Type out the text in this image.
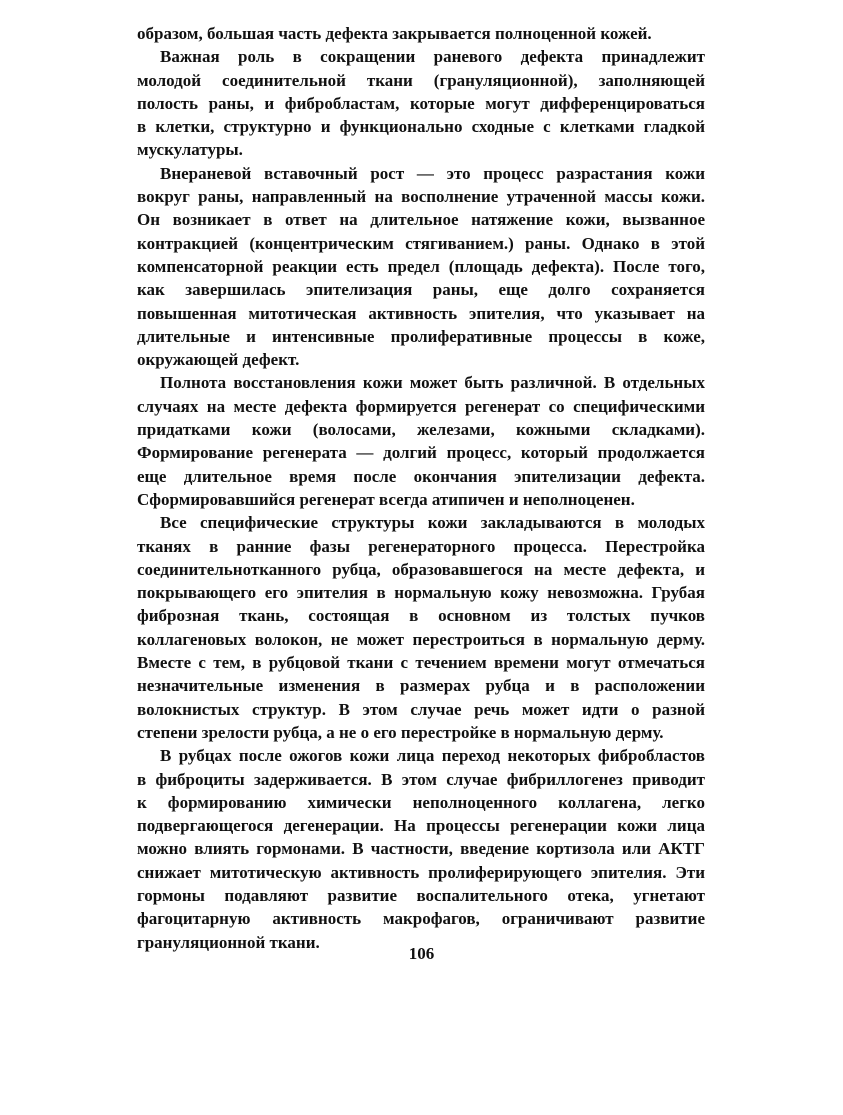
образом, большая часть дефекта закрывается полноценной кожей.
Важная роль в сокращении раневого дефекта принадлежит
молодой соединительной ткани (грануляционной), заполняющей
полость раны, и фибробластам, которые могут дифференцироваться
в клетки, структурно и функционально сходные с клетками гладкой
мускулатуры.
Внераневой вставочный рост — это процесс разрастания кожи
вокруг раны, направленный на восполнение утраченной массы кожи.
Он возникает в ответ на длительное натяжение кожи, вызванное
контракцией (концентрическим стягиванием.) раны. Однако в этой
компенсаторной реакции есть предел (площадь дефекта). После того,
как завершилась эпителизация раны, еще долго сохраняется
повышенная митотическая активность эпителия, что указывает на
длительные и интенсивные пролиферативные процессы в коже,
окружающей дефект.
Полнота восстановления кожи может быть различной. В отдельных
случаях на месте дефекта формируется регенерат со специфическими
придатками кожи (волосами, железами, кожными складками).
Формирование регенерата — долгий процесс, который продолжается
еще длительное время после окончания эпителизации дефекта.
Сформировавшийся регенерат всегда атипичен и неполноценен.
Все специфические структуры кожи закладываются в молодых
тканях в ранние фазы регенераторного процесса. Перестройка
соединительнотканного рубца, образовавшегося на месте дефекта, и
покрывающего его эпителия в нормальную кожу невозможна. Грубая
фиброзная ткань, состоящая в основном из толстых пучков
коллагеновых волокон, не может перестроиться в нормальную дерму.
Вместе с тем, в рубцовой ткани с течением времени могут отмечаться
незначительные изменения в размерах рубца и в расположении
волокнистых структур. В этом случае речь может идти о разной
степени зрелости рубца, а не о его перестройке в нормальную дерму.
В рубцах после ожогов кожи лица переход некоторых фибробластов
в фиброциты задерживается. В этом случае фибриллогенез приводит
к формированию химически неполноценного коллагена, легко
подвергающегося дегенерации. На процессы регенерации кожи лица
можно влиять гормонами. В частности, введение кортизола или АКТГ
снижает митотическую активность пролиферирующего эпителия. Эти
гормоны подавляют развитие воспалительного отека, угнетают
фагоцитарную активность макрофагов, ограничивают развитие
грануляционной ткани.
106
